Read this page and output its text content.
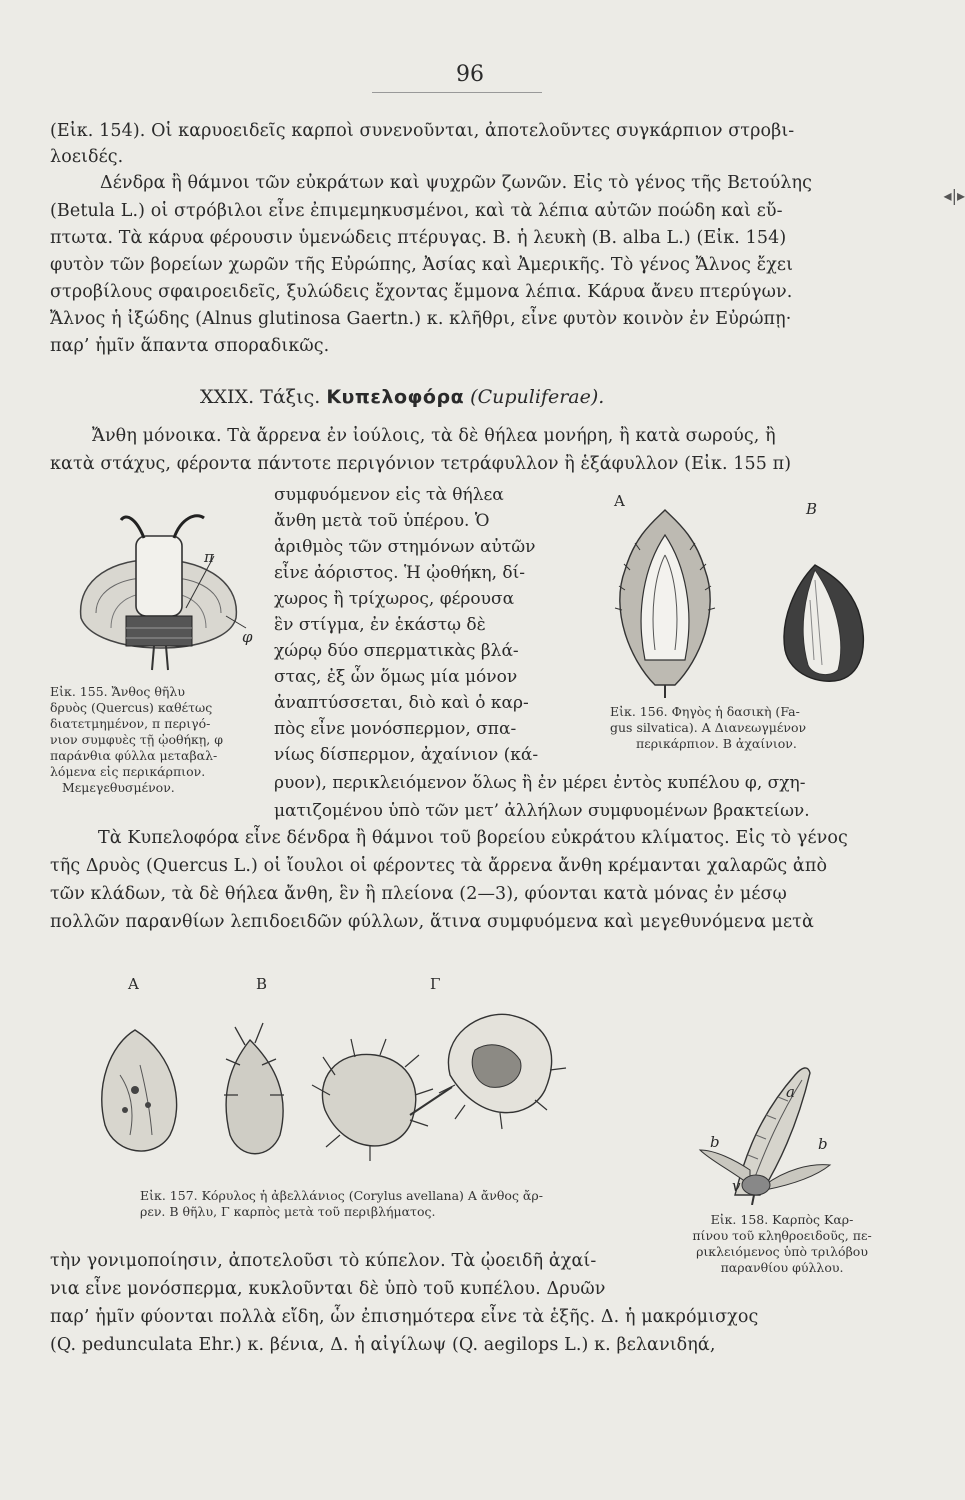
96
◂|▸
(Εἰκ. 154). Οἱ καρυοειδεῖς καρποὶ συνενοῦνται, ἀποτελοῦντες συγκάρπιον στροβι-
λοειδές.
Δένδρα ἢ θάμνοι τῶν εὐκράτων καὶ ψυχρῶν ζωνῶν. Εἰς τὸ γένος τῆς Βετούλης
(Betula L.) οἱ στρόβιλοι εἶνε ἐπιμεμηκυσμένοι, καὶ τὰ λέπια αὐτῶν ποώδη καὶ εὔ-
πτωτα. Τὰ κάρυα φέρουσιν ὑμενώδεις πτέρυγας. Β. ἡ λευκὴ (Β. alba L.) (Εἰκ. 154)
φυτὸν τῶν βορείων χωρῶν τῆς Εὐρώπης, Ἀσίας καὶ Ἀμερικῆς. Τὸ γένος Ἄλνος ἔχει
στροβίλους σφαιροειδεῖς, ξυλώδεις ἔχοντας ἔμμονα λέπια. Κάρυα ἄνευ πτερύγων.
Ἄλνος ἡ ἰξώδης (Alnus glutinosa Gaertn.) κ. κλῆθρι, εἶνε φυτὸν κοινὸν ἐν Εὐρώπῃ·
παρ’ ἡμῖν ἅπαντα σποραδικῶς.
XXIX. Τάξις. Κυπελοφόρα (Cupuliferae).
Ἄνθη μόνοικα. Τὰ ἄρρενα ἐν ἰούλοις, τὰ δὲ θήλεα μονήρη, ἢ κατὰ σωρούς, ἢ
κατὰ στάχυς, φέροντα πάντοτε περιγόνιον τετράφυλλον ἢ ἑξάφυλλον (Εἰκ. 155 π)
συμφυόμενον εἰς τὰ θήλεα
ἄνθη μετὰ τοῦ ὑπέρου. Ὁ
ἀριθμὸς τῶν στημόνων αὐτῶν
εἶνε ἀόριστος. Ἡ ᾠοθήκη, δί-
χωρος ἢ τρίχωρος, φέρουσα
ἓν στίγμα, ἐν ἑκάστῳ δὲ
χώρῳ δύο σπερματικὰς βλά-
στας, ἐξ ὧν ὅμως μία μόνον
ἀναπτύσσεται, διὸ καὶ ὁ καρ-
πὸς εἶνε μονόσπερμον, σπα-
νίως δίσπερμον, ἀχαίνιον (κά-
ρυον), περικλειόμενον ὅλως ἢ ἐν μέρει ἐντὸς κυπέλου φ, σχη-
ματιζομένου ὑπὸ τῶν μετ’ ἀλλήλων συμφυομένων βρακτείων.
π
φ
Εἰκ. 155. Ἄνθος θῆλυ
δρυὸς (Quercus) καθέτως
διατετμημένον, π περιγό-
νιον συμφυὲς τῇ ᾠοθήκῃ, φ
παράνθια φύλλα μεταβαλ-
λόμενα εἰς περικάρπιον.
Μεμεγεθυσμένον.
A	B
Εἰκ. 156. Φηγὸς ἡ δασικὴ (Fa-
gus silvatica). Α Διανεωγμένον
περικάρπιον. Β ἀχαίνιον.
Τὰ Κυπελοφόρα εἶνε δένδρα ἢ θάμνοι τοῦ βορείου εὐκράτου κλίματος. Εἰς τὸ γένος
τῆς Δρυὸς (Quercus L.) οἱ ἴουλοι οἱ φέροντες τὰ ἄρρενα ἄνθη κρέμανται χαλαρῶς ἀπὸ
τῶν κλάδων, τὰ δὲ θήλεα ἄνθη, ἓν ἢ πλείονα (2—3), φύονται κατὰ μόνας ἐν μέσῳ
πολλῶν παρανθίων λεπιδοειδῶν φύλλων, ἅτινα συμφυόμενα καὶ μεγεθυνόμενα μετὰ
A	B	Γ
Εἰκ. 157. Κόρυλος ἡ ἀβελλάνιος (Corylus avellana) Α ἄνθος ἄρ-
ρεν. Β θῆλυ, Γ καρπὸς μετὰ τοῦ περιβλήματος.
a
b	b
v
Εἰκ. 158. Καρπὸς Καρ-
πίνου τοῦ κληθροειδοῦς, πε-
ρικλειόμενος ὑπὸ τριλόβου
παρανθίου φύλλου.
τὴν γονιμοποίησιν, ἀποτελοῦσι τὸ κύπελον. Τὰ ᾠοειδῆ ἀχαί-
νια εἶνε μονόσπερμα, κυκλοῦνται δὲ ὑπὸ τοῦ κυπέλου. Δρυῶν
παρ’ ἡμῖν φύονται πολλὰ εἴδη, ὧν ἐπισημότερα εἶνε τὰ ἑξῆς. Δ. ἡ μακρόμισχος
(Q. pedunculata Ehr.) κ. βένια, Δ. ἡ αἰγίλωψ (Q. aegilops L.) κ. βελανιδηά,
